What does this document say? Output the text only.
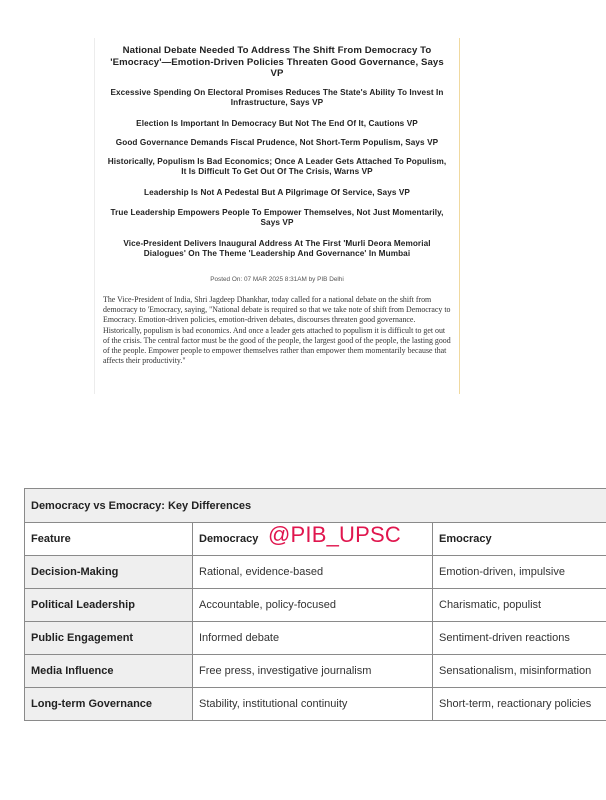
National Debate Needed To Address The Shift From Democracy To 'Emocracy'—Emotion-Driven Policies Threaten Good Governance, Says VP

Excessive Spending On Electoral Promises Reduces The State's Ability To Invest In Infrastructure, Says VP

Election Is Important In Democracy But Not The End Of It, Cautions VP

Good Governance Demands Fiscal Prudence, Not Short-Term Populism, Says VP

Historically, Populism Is Bad Economics; Once A Leader Gets Attached To Populism, It Is Difficult To Get Out Of The Crisis, Warns VP

Leadership Is Not A Pedestal But A Pilgrimage Of Service, Says VP

True Leadership Empowers People To Empower Themselves, Not Just Momentarily, Says VP

Vice-President Delivers Inaugural Address At The First 'Murli Deora Memorial Dialogues' On The Theme 'Leadership And Governance' In Mumbai

Posted On: 07 MAR 2025 8:31AM by PIB Delhi

The Vice-President of India, Shri Jagdeep Dhankhar, today called for a national debate on the shift from democracy to 'Emocracy, saying, "National debate is required so that we take note of shift from Democracy to Emocracy. Emotion-driven policies, emotion-driven debates, discourses threaten good governance. Historically, populism is bad economics. And once a leader gets attached to populism it is difficult to get out of the crisis. The central factor must be the good of the people, the largest good of the people, the lasting good of the people. Empower people to empower themselves rather than empower them momentarily because that affects their productivity."

Democracy vs Emocracy: Key Differences		
Feature	Democracy	Emocracy
Decision-Making	Rational, evidence-based	Emotion-driven, impulsive
Political Leadership	Accountable, policy-focused	Charismatic, populist
Public Engagement	Informed debate	Sentiment-driven reactions
Media Influence	Free press, investigative journalism	Sensationalism, misinformation
Long-term Governance	Stability, institutional continuity	Short-term, reactionary policies
@PIB_UPSC
